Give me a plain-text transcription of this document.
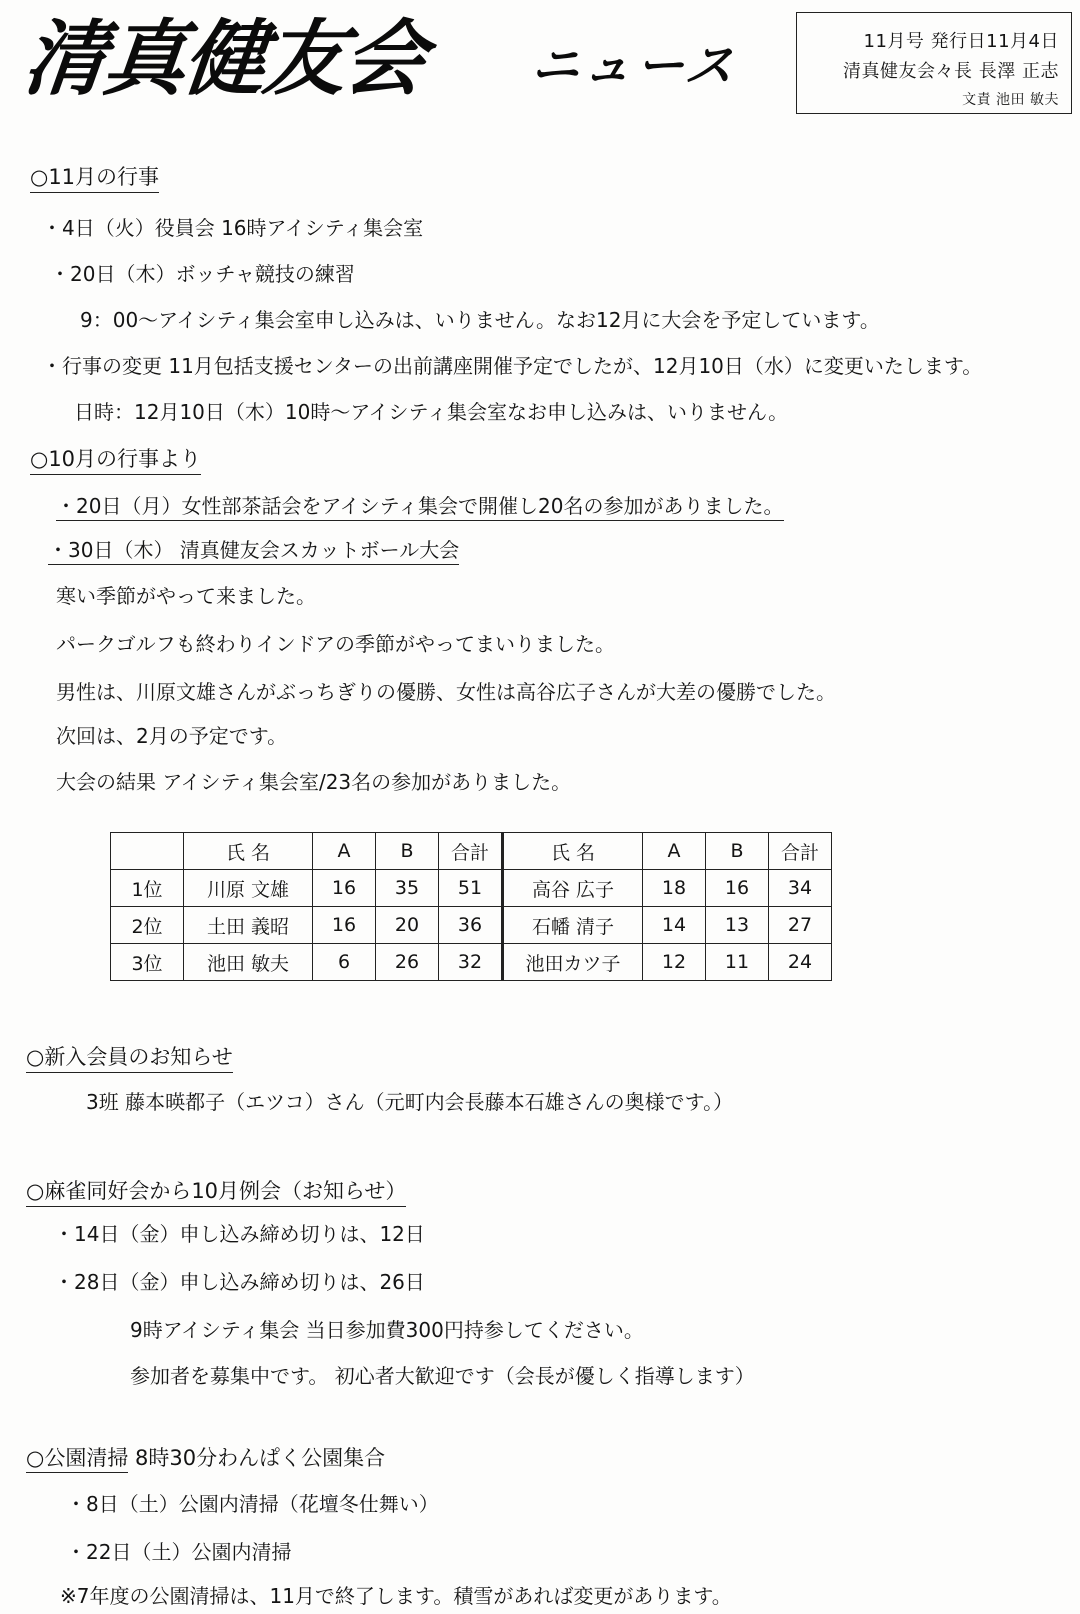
清真健友会 ニュース	11月号 発行日11月4日
清真健友会々長 長澤 正志
文責 池田 敏夫
○11月の行事
・4日（火）役員会 16時アイシティ集会室
・20日（木）ボッチャ競技の練習
9：00～アイシティ集会室申し込みは、いりません。なお12月に大会を予定しています。
・行事の変更 11月包括支援センターの出前講座開催予定でしたが、12月10日（水）に変更いたします。
日時：12月10日（木）10時～アイシティ集会室なお申し込みは、いりません。
○10月の行事より
・20日（月）女性部茶話会をアイシティ集会で開催し20名の参加がありました。
・30日（木） 清真健友会スカットボール大会
寒い季節がやって来ました。
パークゴルフも終わりインドアの季節がやってまいりました。
男性は、川原文雄さんがぶっちぎりの優勝、女性は高谷広子さんが大差の優勝でした。
次回は、2月の予定です。
大会の結果 アイシティ集会室/23名の参加がありました。
	氏 名	A	B	合計	氏 名	A	B	合計
1位	川原 文雄	16	35	51	高谷 広子	18	16	34
2位	土田 義昭	16	20	36	石幡 清子	14	13	27
3位	池田 敏夫	6	26	32	池田カツ子	12	11	24
○新入会員のお知らせ
3班 藤本暎都子（エツコ）さん（元町内会長藤本石雄さんの奥様です。）
○麻雀同好会から10月例会（お知らせ）
・14日（金）申し込み締め切りは、12日
・28日（金）申し込み締め切りは、26日
9時アイシティ集会 当日参加費300円持参してください。
参加者を募集中です。 初心者大歓迎です（会長が優しく指導します）
○公園清掃 8時30分わんぱく公園集合
・8日（土）公園内清掃（花壇冬仕舞い）
・22日（土）公園内清掃
※7年度の公園清掃は、11月で終了します。積雪があれば変更があります。
